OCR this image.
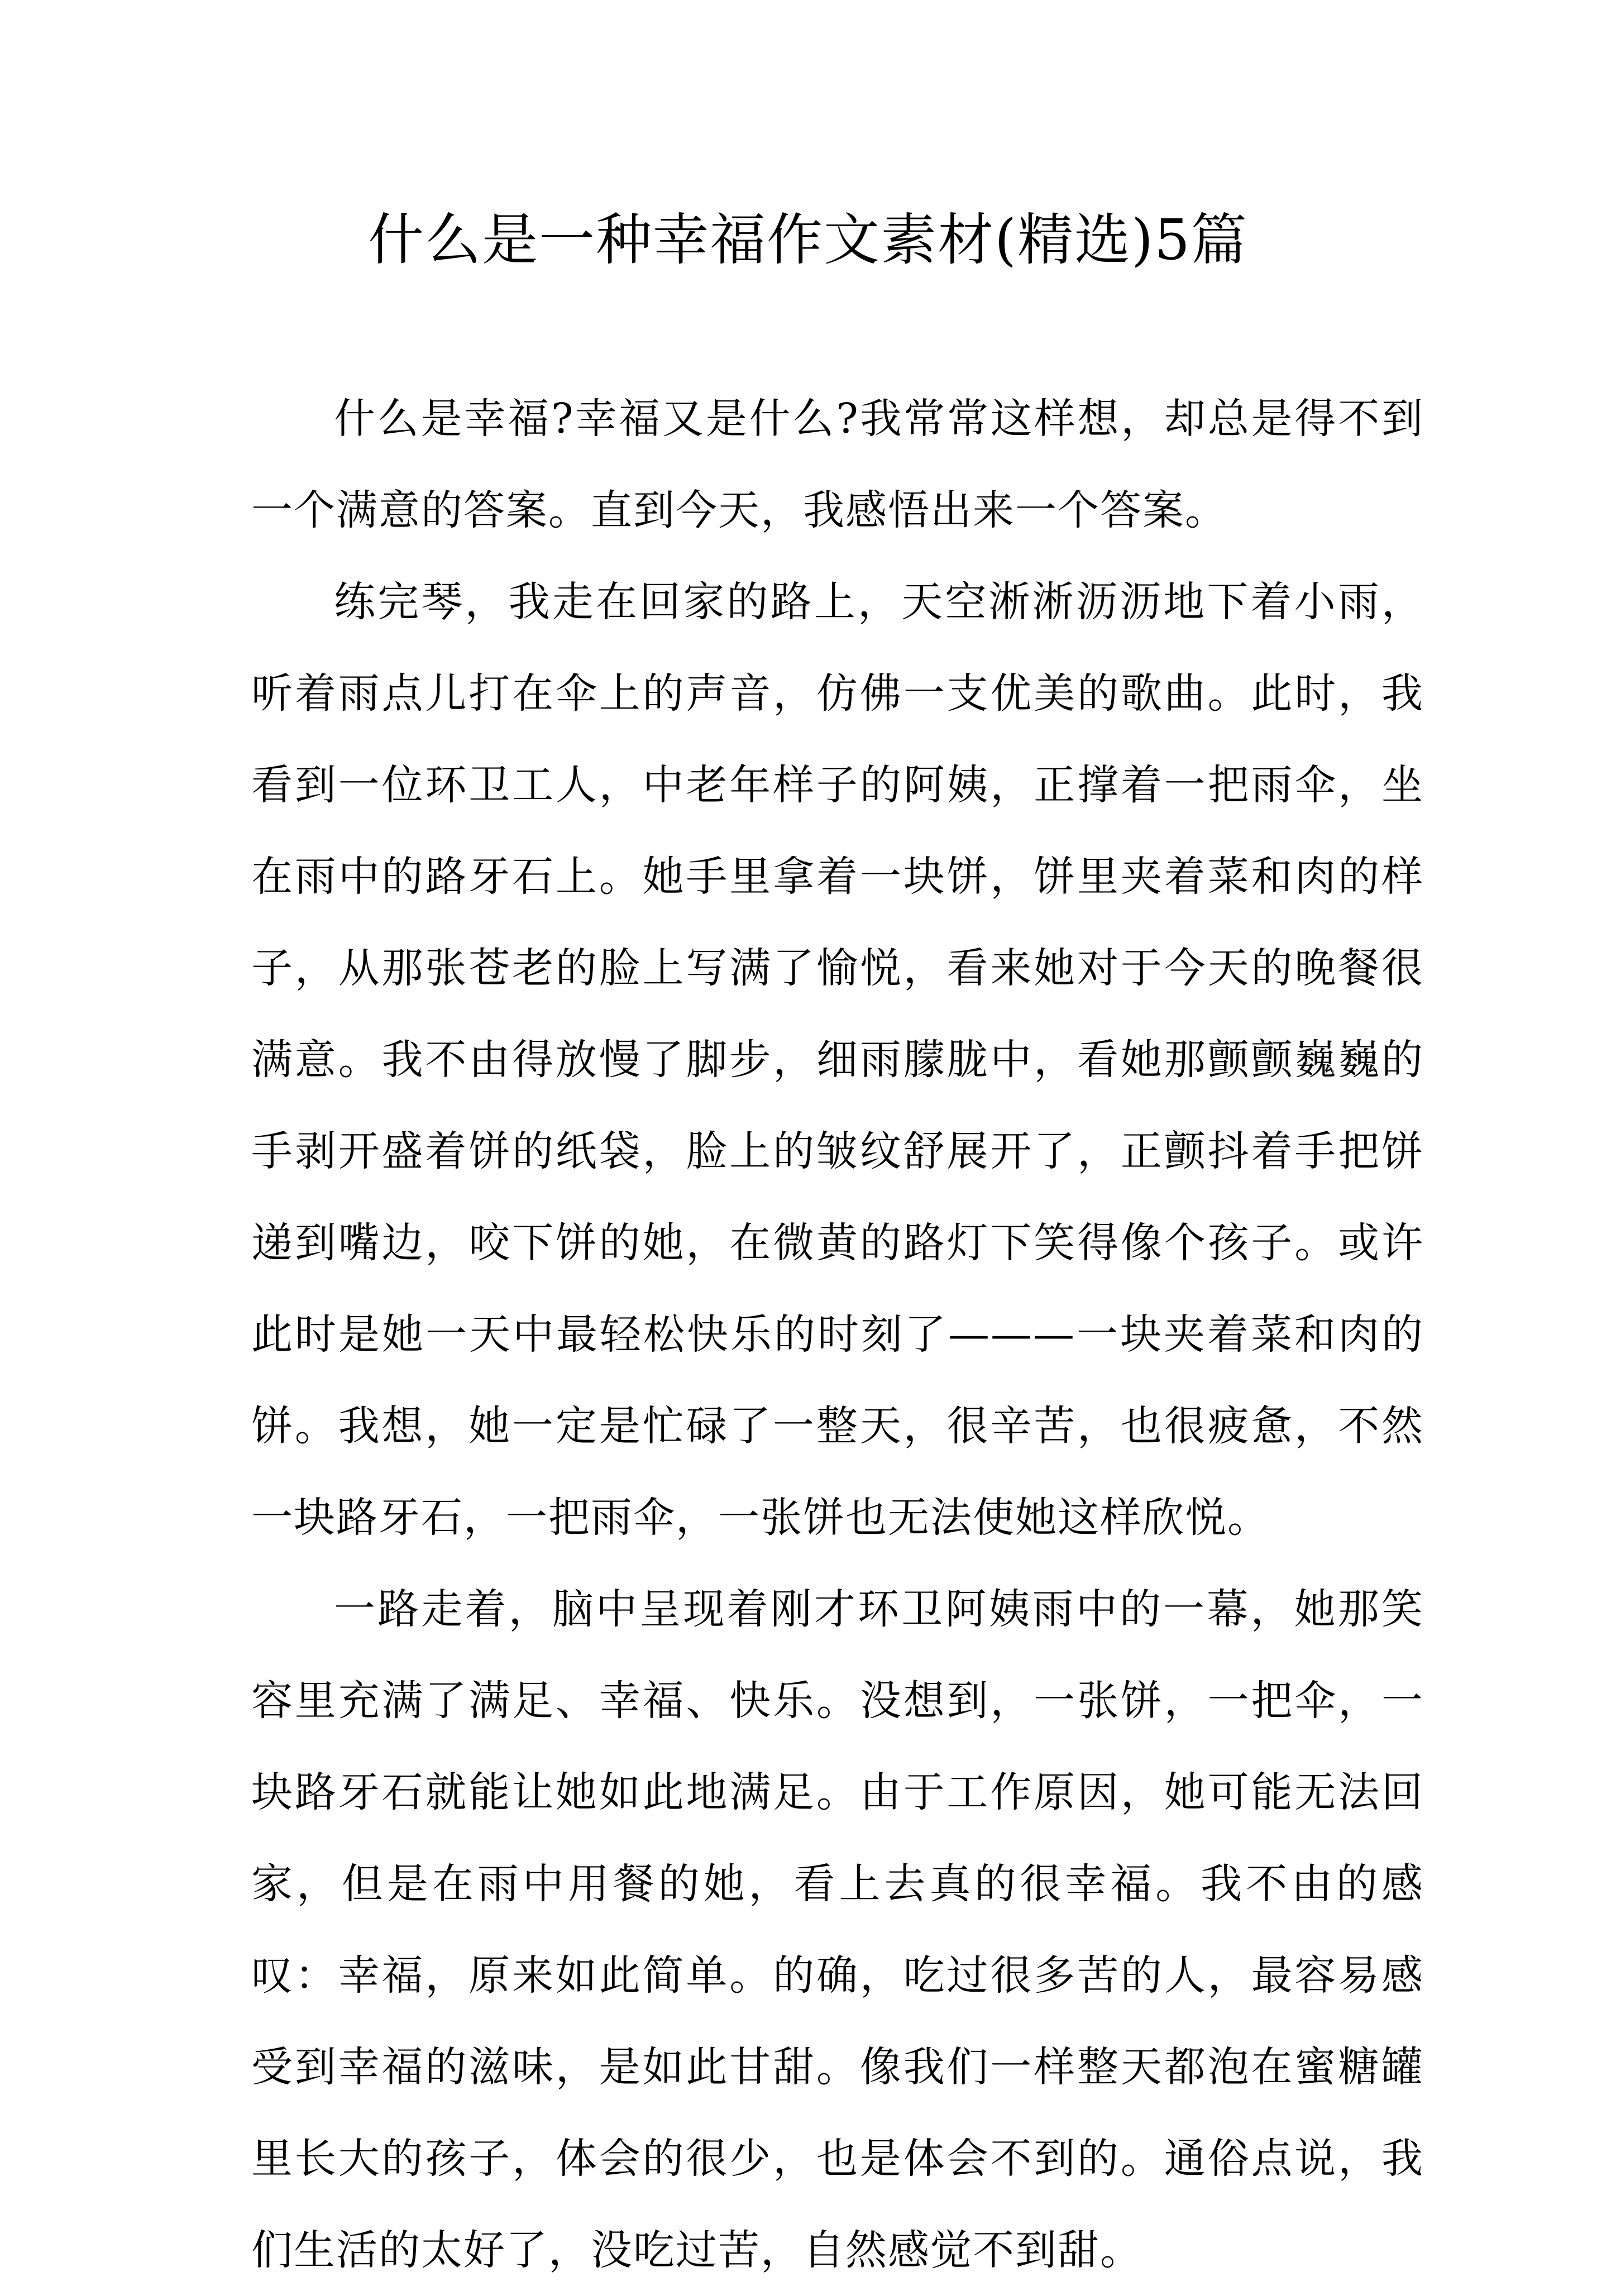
什么是一种幸福作文素材(精选)5篇

什么是幸福?幸福又是什么?我常常这样想，却总是得不到一个满意的答案。直到今天，我感悟出来一个答案。

练完琴，我走在回家的路上，天空淅淅沥沥地下着小雨，听着雨点儿打在伞上的声音，仿佛一支优美的歌曲。此时，我看到一位环卫工人，中老年样子的阿姨，正撑着一把雨伞，坐在雨中的路牙石上。她手里拿着一块饼，饼里夹着菜和肉的样子，从那张苍老的脸上写满了愉悦，看来她对于今天的晚餐很满意。我不由得放慢了脚步，细雨朦胧中，看她那颤颤巍巍的手剥开盛着饼的纸袋，脸上的皱纹舒展开了，正颤抖着手把饼递到嘴边，咬下饼的她，在微黄的路灯下笑得像个孩子。或许此时是她一天中最轻松快乐的时刻了———一块夹着菜和肉的饼。我想，她一定是忙碌了一整天，很辛苦，也很疲惫，不然一块路牙石，一把雨伞，一张饼也无法使她这样欣悦。

一路走着，脑中呈现着刚才环卫阿姨雨中的一幕，她那笑容里充满了满足、幸福、快乐。没想到，一张饼，一把伞，一块路牙石就能让她如此地满足。由于工作原因，她可能无法回家，但是在雨中用餐的她，看上去真的很幸福。我不由的感叹：幸福，原来如此简单。的确，吃过很多苦的人，最容易感受到幸福的滋味，是如此甘甜。像我们一样整天都泡在蜜糖罐里长大的孩子，体会的很少，也是体会不到的。通俗点说，我们生活的太好了，没吃过苦，自然感觉不到甜。
